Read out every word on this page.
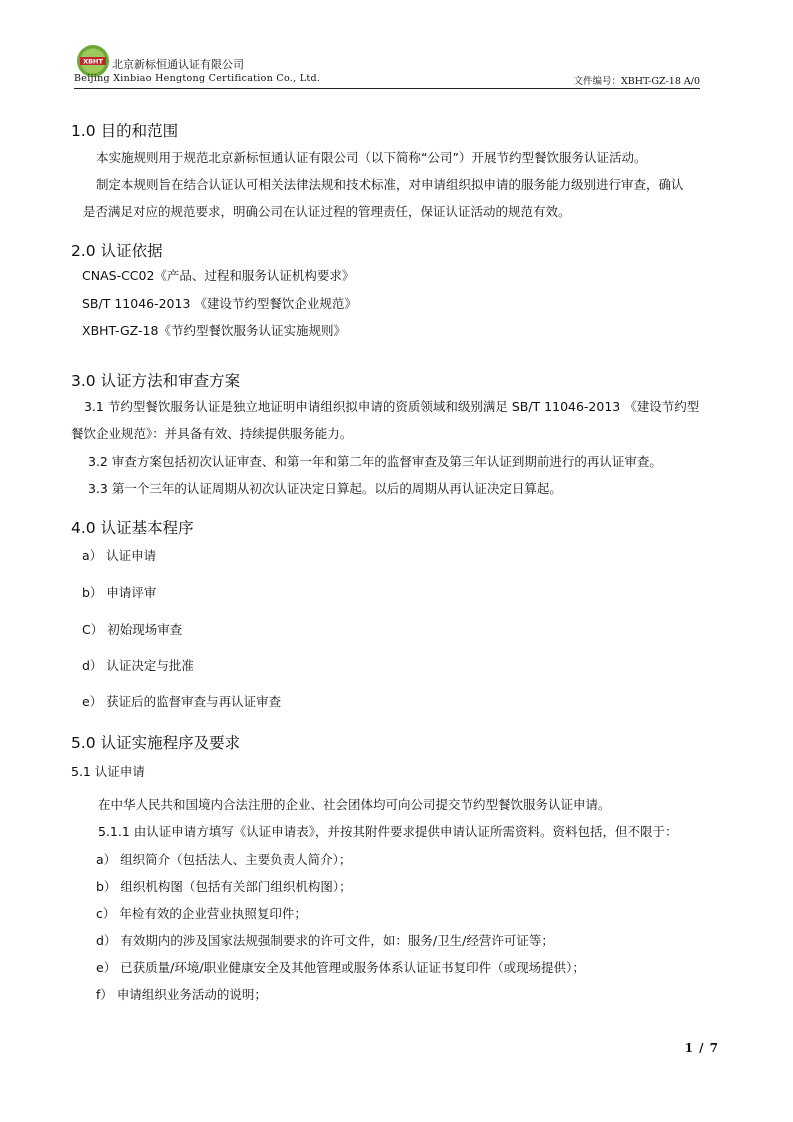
XBHT 北京新标恒通认证有限公司
Beijing Xinbiao Hengtong Certification Co., Ltd.	文件编号：XBHT-GZ-18 A/0
1.0 目的和范围
本实施规则用于规范北京新标恒通认证有限公司（以下简称“公司”）开展节约型餐饮服务认证活动。
制定本规则旨在结合认证认可相关法律法规和技术标准，对申请组织拟申请的服务能力级别进行审查，确认
是否满足对应的规范要求，明确公司在认证过程的管理责任，保证认证活动的规范有效。
2.0 认证依据
CNAS-CC02《产品、过程和服务认证机构要求》
SB/T 11046-2013 《建设节约型餐饮企业规范》
XBHT-GZ-18《节约型餐饮服务认证实施规则》
3.0 认证方法和审查方案
3.1 节约型餐饮服务认证是独立地证明申请组织拟申请的资质领域和级别满足 SB/T 11046-2013 《建设节约型
餐饮企业规范》：并具备有效、持续提供服务能力。
3.2 审查方案包括初次认证审查、和第一年和第二年的监督审查及第三年认证到期前进行的再认证审查。
3.3 第一个三年的认证周期从初次认证决定日算起。以后的周期从再认证决定日算起。
4.0 认证基本程序
a） 认证申请
b） 申请评审
C） 初始现场审查
d） 认证决定与批准
e） 获证后的监督审查与再认证审查
5.0 认证实施程序及要求
5.1 认证申请
在中华人民共和国境内合法注册的企业、社会团体均可向公司提交节约型餐饮服务认证申请。
5.1.1 由认证申请方填写《认证申请表》，并按其附件要求提供申请认证所需资料。资料包括，但不限于：
a） 组织简介（包括法人、主要负责人简介）；
b） 组织机构图（包括有关部门组织机构图）；
c） 年检有效的企业营业执照复印件；
d） 有效期内的涉及国家法规强制要求的许可文件，如：服务/卫生/经营许可证等；
e） 已获质量/环境/职业健康安全及其他管理或服务体系认证证书复印件（或现场提供）；
f） 申请组织业务活动的说明；
1 / 7
